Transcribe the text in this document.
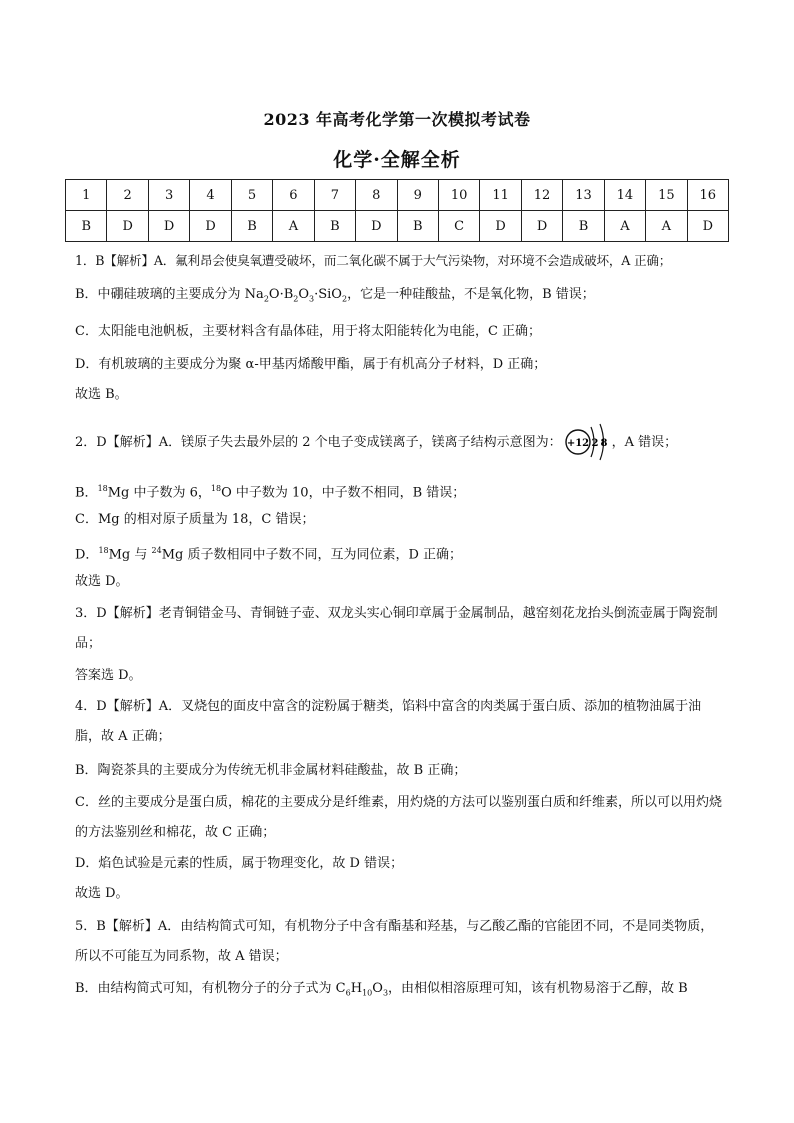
2023 年高考化学第一次模拟考试卷
化学·全解全析
1	2	3	4	5	6	7	8	9	10	11	12	13	14	15	16
B	D	D	D	B	A	B	D	B	C	D	D	B	A	A	D
1．B【解析】A．氟利昂会使臭氧遭受破坏，而二氧化碳不属于大气污染物，对环境不会造成破坏，A 正确；
B．中硼硅玻璃的主要成分为 $Na_2O\cdot B_2O_3\cdot SiO_2$，它是一种硅酸盐，不是氧化物，B 错误；
C．太阳能电池帆板，主要材料含有晶体硅，用于将太阳能转化为电能，C 正确；
D．有机玻璃的主要成分为聚 α-甲基丙烯酸甲酯，属于有机高分子材料，D 正确；
故选 B。
2．D【解析】A．镁原子失去最外层的 2 个电子变成镁离子，镁离子结构示意图为： +12 2 8 ，A 错误；
B．$^{18}$Mg 中子数为 6，$^{18}$O 中子数为 10，中子数不相同，B 错误；
C．Mg 的相对原子质量为 18，C 错误；
D．$^{18}$Mg 与 $^{24}$Mg 质子数相同中子数不同，互为同位素，D 正确；
故选 D。
3．D【解析】老青铜错金马、青铜链子壶、双龙头实心铜印章属于金属制品，越窑刻花龙抬头倒流壶属于陶瓷制品；
答案选 D。
4．D【解析】A．叉烧包的面皮中富含的淀粉属于糖类，馅料中富含的肉类属于蛋白质、添加的植物油属于油脂，故 A 正确；
B．陶瓷茶具的主要成分为传统无机非金属材料硅酸盐，故 B 正确；
C．丝的主要成分是蛋白质，棉花的主要成分是纤维素，用灼烧的方法可以鉴别蛋白质和纤维素，所以可以用灼烧的方法鉴别丝和棉花，故 C 正确；
D．焰色试验是元素的性质，属于物理变化，故 D 错误；
故选 D。
5．B【解析】A．由结构简式可知，有机物分子中含有酯基和羟基，与乙酸乙酯的官能团不同，不是同类物质，所以不可能互为同系物，故 A 错误；
B．由结构简式可知，有机物分子的分子式为 $C_6H_{10}O_3$，由相似相溶原理可知，该有机物易溶于乙醇，故 B
